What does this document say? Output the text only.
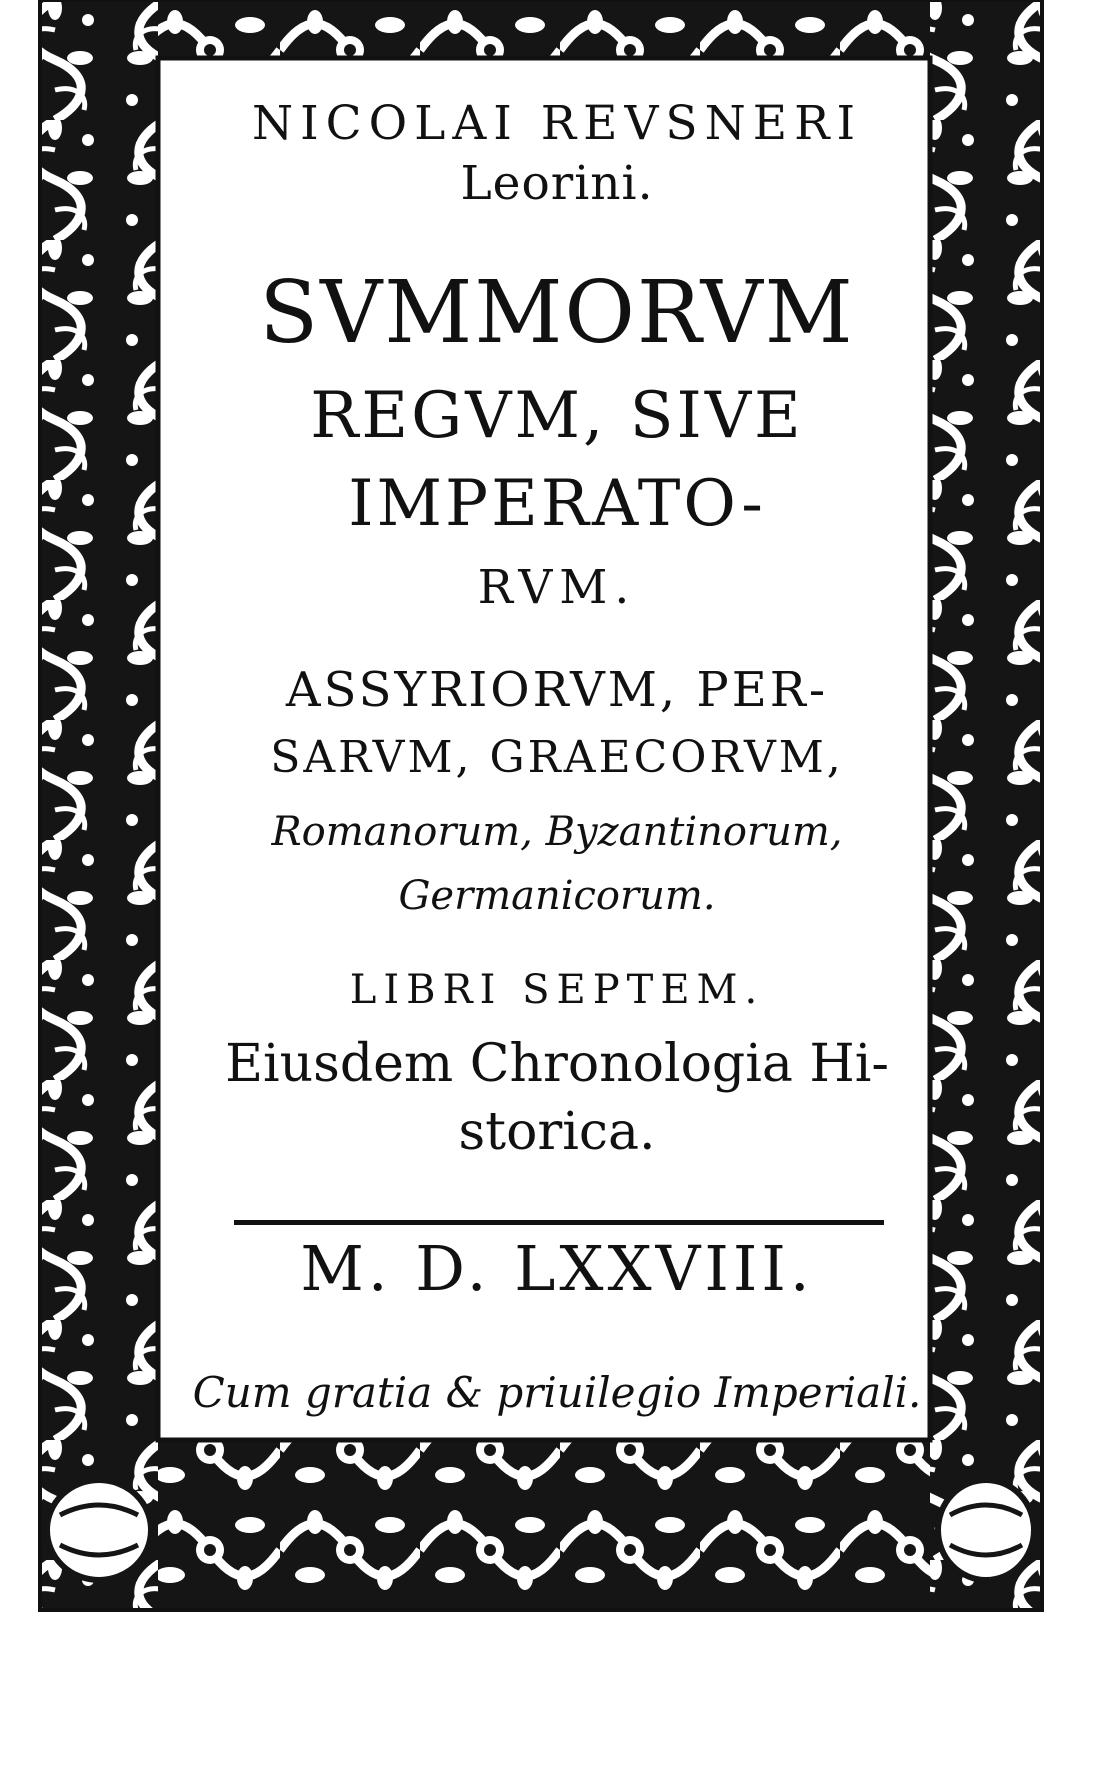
NICOLAI REVSNERI
Leorini.
SVMMORVM
REGVM, SIVE
IMPERATO-
RVM.
ASSYRIORVM, PER-
SARVM, GRAECORVM,
Romanorum, Byzantinorum,
Germanicorum.
LIBRI SEPTEM.
Eiusdem Chronologia Hi-
storica.
M. D. LXXVIII.
Cum gratia & priuilegio Imperiali.
